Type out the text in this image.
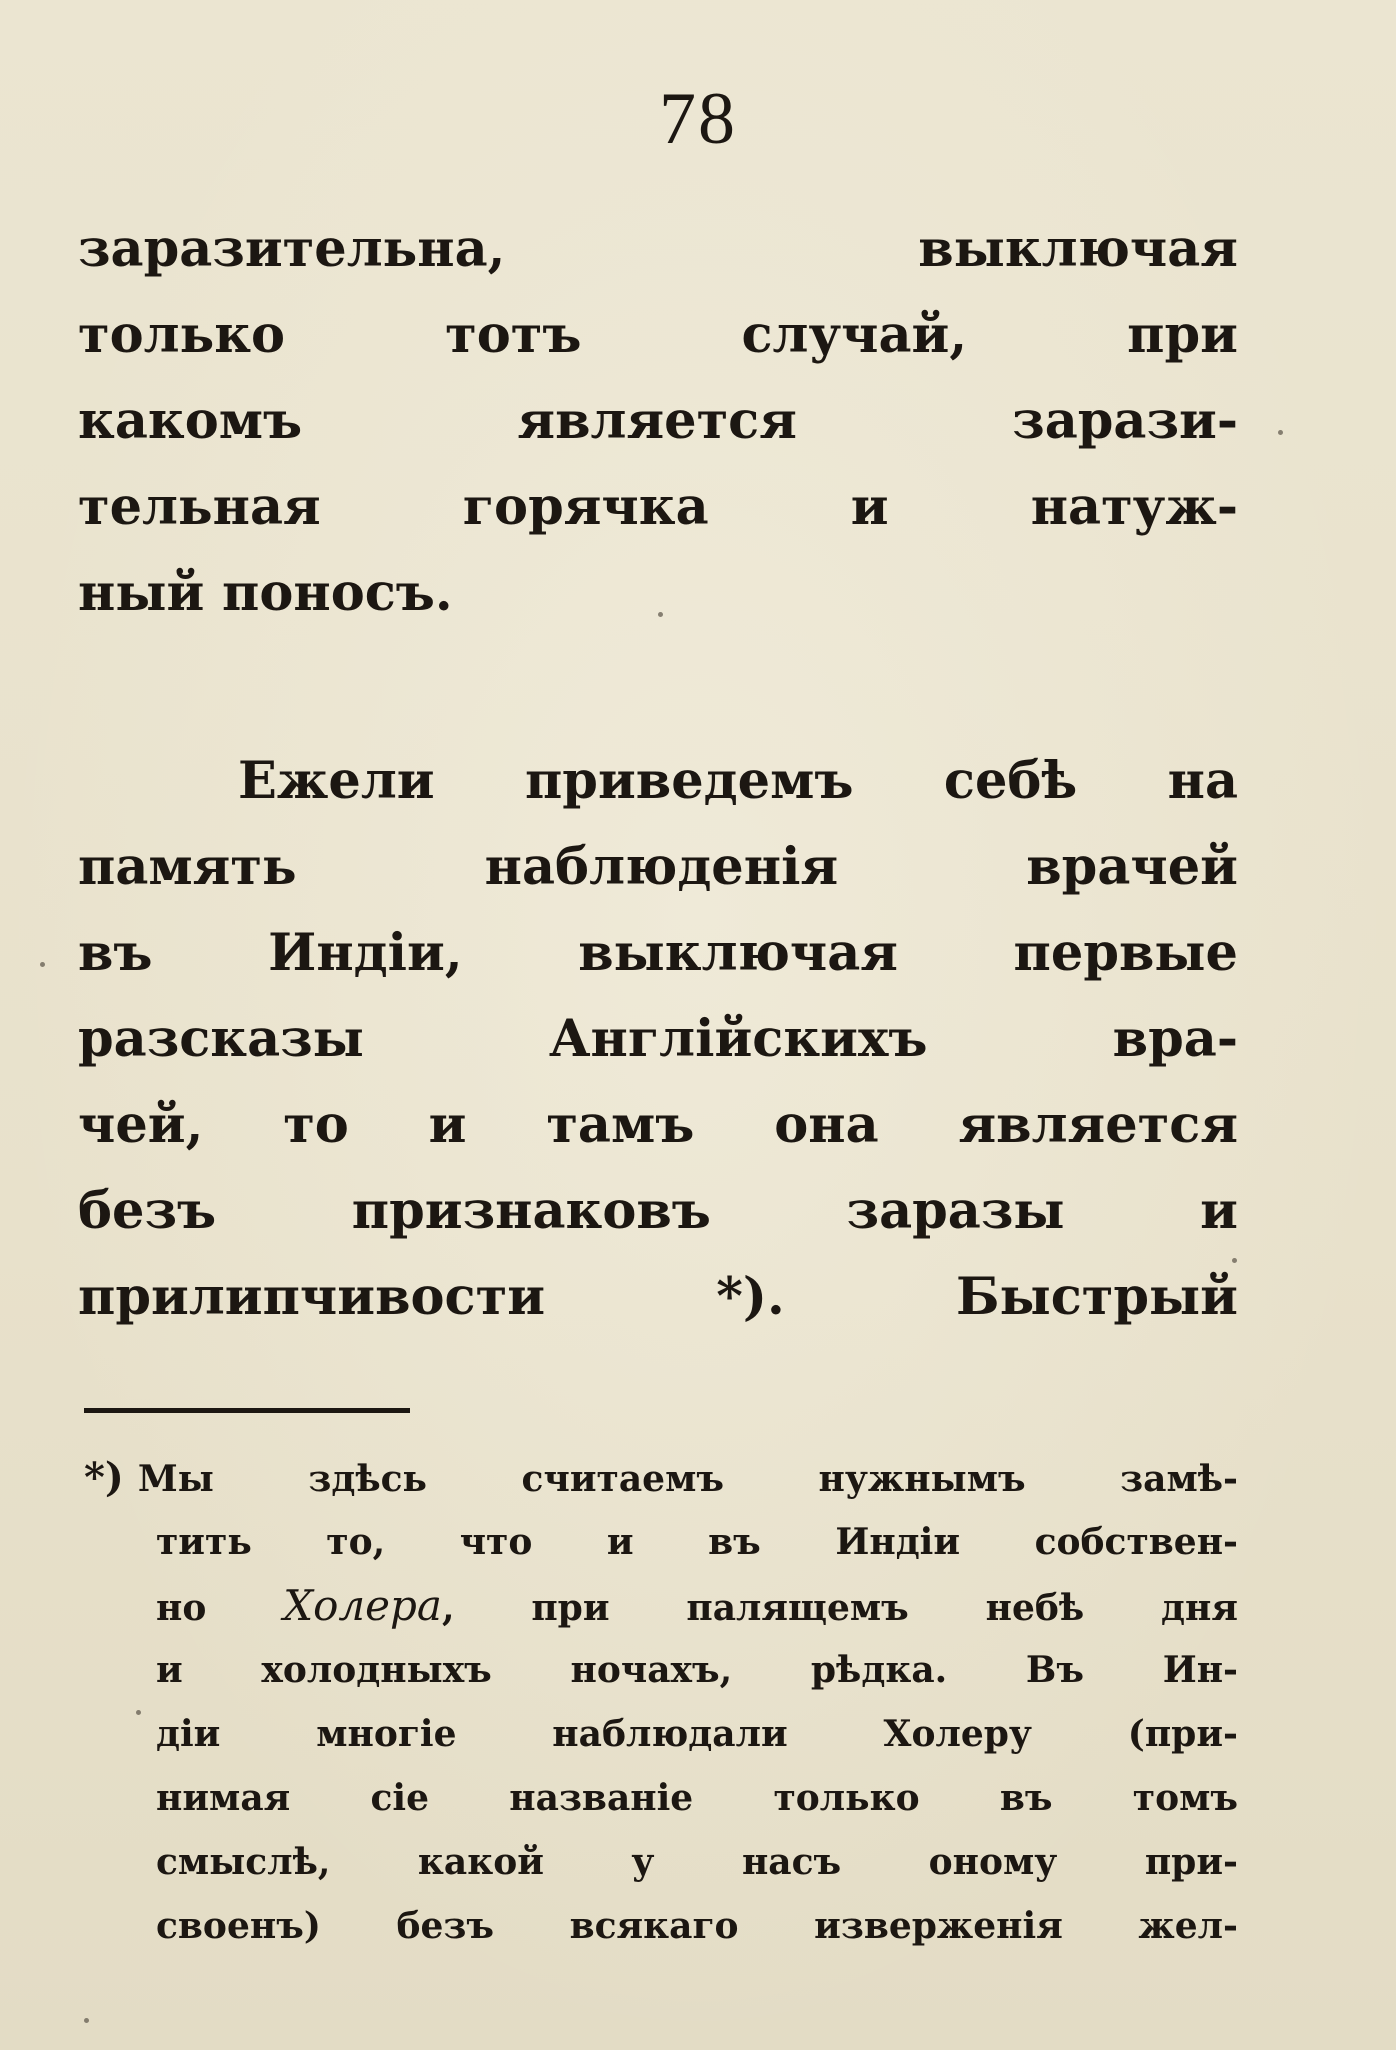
78
заразительна, выключая
только тотъ случай, при
какомъ является зарази-
тельная горячка и натуж-
ный поносъ.
Ежели приведемъ себѣ на
память наблюденія врачей
въ Индіи, выключая первые
разсказы Англійскихъ вра-
чей, то и тамъ она является
безъ признаковъ заразы и
прилипчивости *). Быстрый
*) Мы здѣсь считаемъ нужнымъ замѣ-
тить то, что и въ Индіи собствен-
но Холера, при палящемъ небѣ дня
и холодныхъ ночахъ, рѣдка. Въ Ин-
діи многіе наблюдали Холеру (при-
нимая сіе названіе только въ томъ
смыслѣ, какой у насъ оному при-
своенъ) безъ всякаго изверженія жел-
